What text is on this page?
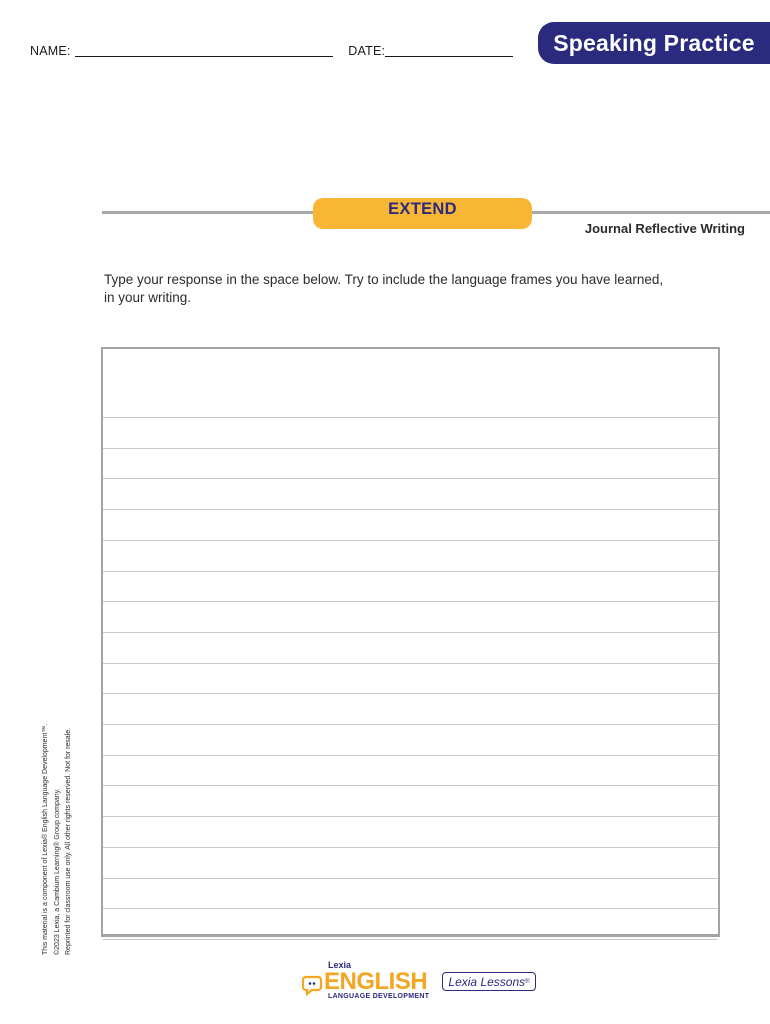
NAME:	DATE:	Speaking Practice
EXTEND
Journal Reflective Writing
Type your response in the space below. Try to include the language frames you have learned, in your writing.
This material is a component of Lexia® English Language Development™. ©2023 Lexia, a Cambium Learning® Group company. Reprinted for classroom use only. All other rights reserved. Not for resale.
Lexia
ENGLISH
LANGUAGE DEVELOPMENT
Lexia Lessons ®
